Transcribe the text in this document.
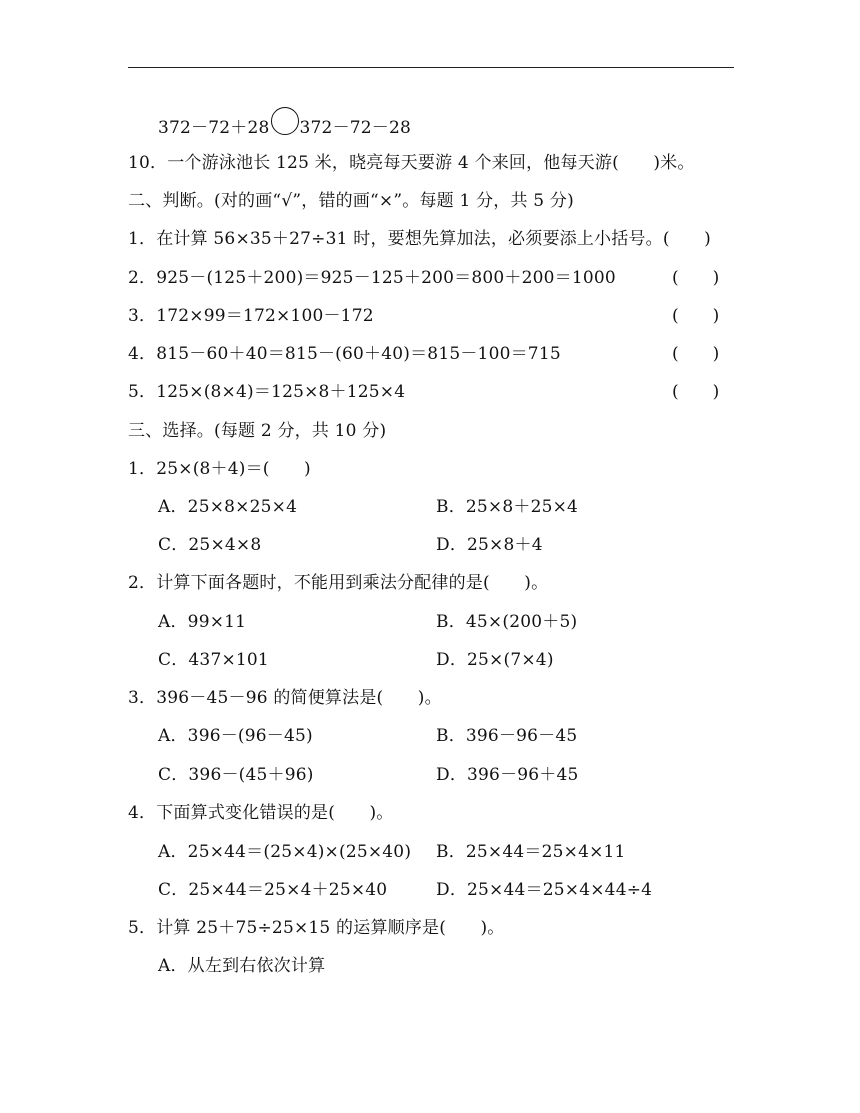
372－72＋28 372－72－28
10．一个游泳池长 125 米，晓亮每天要游 4 个来回，他每天游(　　)米。
二、判断。(对的画“√”，错的画“×”。每题 1 分，共 5 分)
1．在计算 56×35＋27÷31 时，要想先算加法，必须要添上小括号。(　　)
2．925－(125＋200)＝925－125＋200＝800＋200＝1000	(　　)
3．172×99＝172×100－172	(　　)
4．815－60＋40＝815－(60＋40)＝815－100＝715	(　　)
5．125×(8×4)＝125×8＋125×4	(　　)
三、选择。(每题 2 分，共 10 分)
1．25×(8＋4)＝(　　)
A．25×8×25×4	B．25×8＋25×4
C．25×4×8	D．25×8＋4
2．计算下面各题时，不能用到乘法分配律的是(　　)。
A．99×11	B．45×(200＋5)
C．437×101	D．25×(7×4)
3．396－45－96 的简便算法是(　　)。
A．396－(96－45)	B．396－96－45
C．396－(45＋96)	D．396－96＋45
4．下面算式变化错误的是(　　)。
A．25×44＝(25×4)×(25×40) B．25×44＝25×4×11
C．25×44＝25×4＋25×40	D．25×44＝25×4×44÷4
5．计算 25＋75÷25×15 的运算顺序是(　　)。
A．从左到右依次计算
